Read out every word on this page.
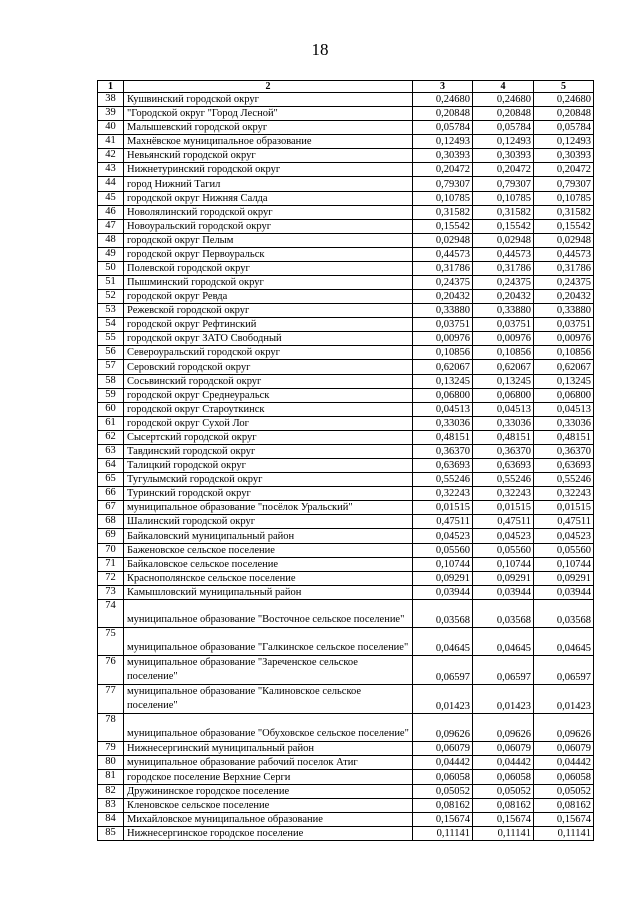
18
1	2	3	4	5
38	Кушвинский городской округ	0,24680	0,24680	0,24680
39	"Городской округ "Город Лесной"	0,20848	0,20848	0,20848
40	Малышевский городской округ	0,05784	0,05784	0,05784
41	Махнёвское муниципальное образование	0,12493	0,12493	0,12493
42	Невьянский городской округ	0,30393	0,30393	0,30393
43	Нижнетуринский городской округ	0,20472	0,20472	0,20472
44	город Нижний Тагил	0,79307	0,79307	0,79307
45	городской округ Нижняя Салда	0,10785	0,10785	0,10785
46	Новолялинский городской округ	0,31582	0,31582	0,31582
47	Новоуральский городской округ	0,15542	0,15542	0,15542
48	городской округ Пелым	0,02948	0,02948	0,02948
49	городской округ Первоуральск	0,44573	0,44573	0,44573
50	Полевской городской округ	0,31786	0,31786	0,31786
51	Пышминский городской округ	0,24375	0,24375	0,24375
52	городской округ Ревда	0,20432	0,20432	0,20432
53	Режевской городской округ	0,33880	0,33880	0,33880
54	городской округ Рефтинский	0,03751	0,03751	0,03751
55	городской округ ЗАТО Свободный	0,00976	0,00976	0,00976
56	Североуральский городской округ	0,10856	0,10856	0,10856
57	Серовский городской округ	0,62067	0,62067	0,62067
58	Сосьвинский городской округ	0,13245	0,13245	0,13245
59	городской округ Среднеуральск	0,06800	0,06800	0,06800
60	городской округ Староуткинск	0,04513	0,04513	0,04513
61	городской округ Сухой Лог	0,33036	0,33036	0,33036
62	Сысертский городской округ	0,48151	0,48151	0,48151
63	Тавдинский городской округ	0,36370	0,36370	0,36370
64	Талицкий городской округ	0,63693	0,63693	0,63693
65	Тугулымский городской округ	0,55246	0,55246	0,55246
66	Туринский городской округ	0,32243	0,32243	0,32243
67	муниципальное образование "посёлок Уральский"	0,01515	0,01515	0,01515
68	Шалинский городской округ	0,47511	0,47511	0,47511
69	Байкаловский муниципальный район	0,04523	0,04523	0,04523
70	Баженовское сельское поселение	0,05560	0,05560	0,05560
71	Байкаловское сельское поселение	0,10744	0,10744	0,10744
72	Краснополянское сельское поселение	0,09291	0,09291	0,09291
73	Камышловский муниципальный район	0,03944	0,03944	0,03944
74	муниципальное образование "Восточное сельское поселение"	0,03568	0,03568	0,03568
75	муниципальное образование "Галкинское сельское поселение"	0,04645	0,04645	0,04645
76	муниципальное образование "Зареченское сельское поселение"	0,06597	0,06597	0,06597
77	муниципальное образование "Калиновское сельское поселение"	0,01423	0,01423	0,01423
78	муниципальное образование "Обуховское сельское поселение"	0,09626	0,09626	0,09626
79	Нижнесергинский муниципальный район	0,06079	0,06079	0,06079
80	муниципальное образование рабочий поселок Атиг	0,04442	0,04442	0,04442
81	городское поселение Верхние Серги	0,06058	0,06058	0,06058
82	Дружининское городское поселение	0,05052	0,05052	0,05052
83	Кленовское сельское поселение	0,08162	0,08162	0,08162
84	Михайловское муниципальное образование	0,15674	0,15674	0,15674
85	Нижнесергинское городское поселение	0,11141	0,11141	0,11141
